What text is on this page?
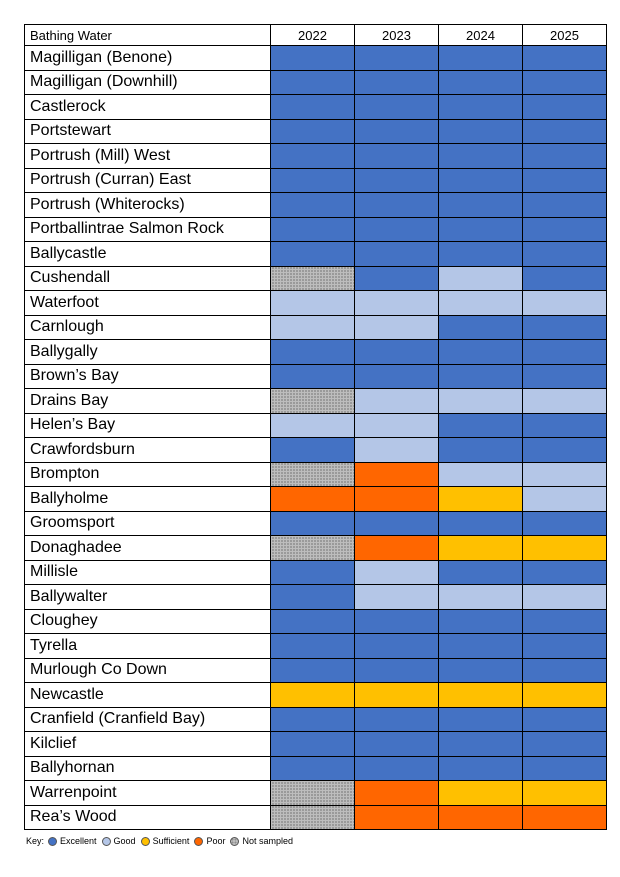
Bathing Water	2022	2023	2024	2025
Magilligan (Benone)				
Magilligan (Downhill)				
Castlerock				
Portstewart				
Portrush (Mill) West				
Portrush (Curran) East				
Portrush (Whiterocks)				
Portballintrae Salmon Rock				
Ballycastle				
Cushendall				
Waterfoot				
Carnlough				
Ballygally				
Brown’s Bay				
Drains Bay				
Helen’s Bay				
Crawfordsburn				
Brompton				
Ballyholme				
Groomsport				
Donaghadee				
Millisle				
Ballywalter				
Cloughey				
Tyrella				
Murlough Co Down				
Newcastle				
Cranfield (Cranfield Bay)				
Kilclief				
Ballyhornan				
Warrenpoint				
Rea’s Wood				
Key: Excellent Good Sufficient Poor Not sampled
